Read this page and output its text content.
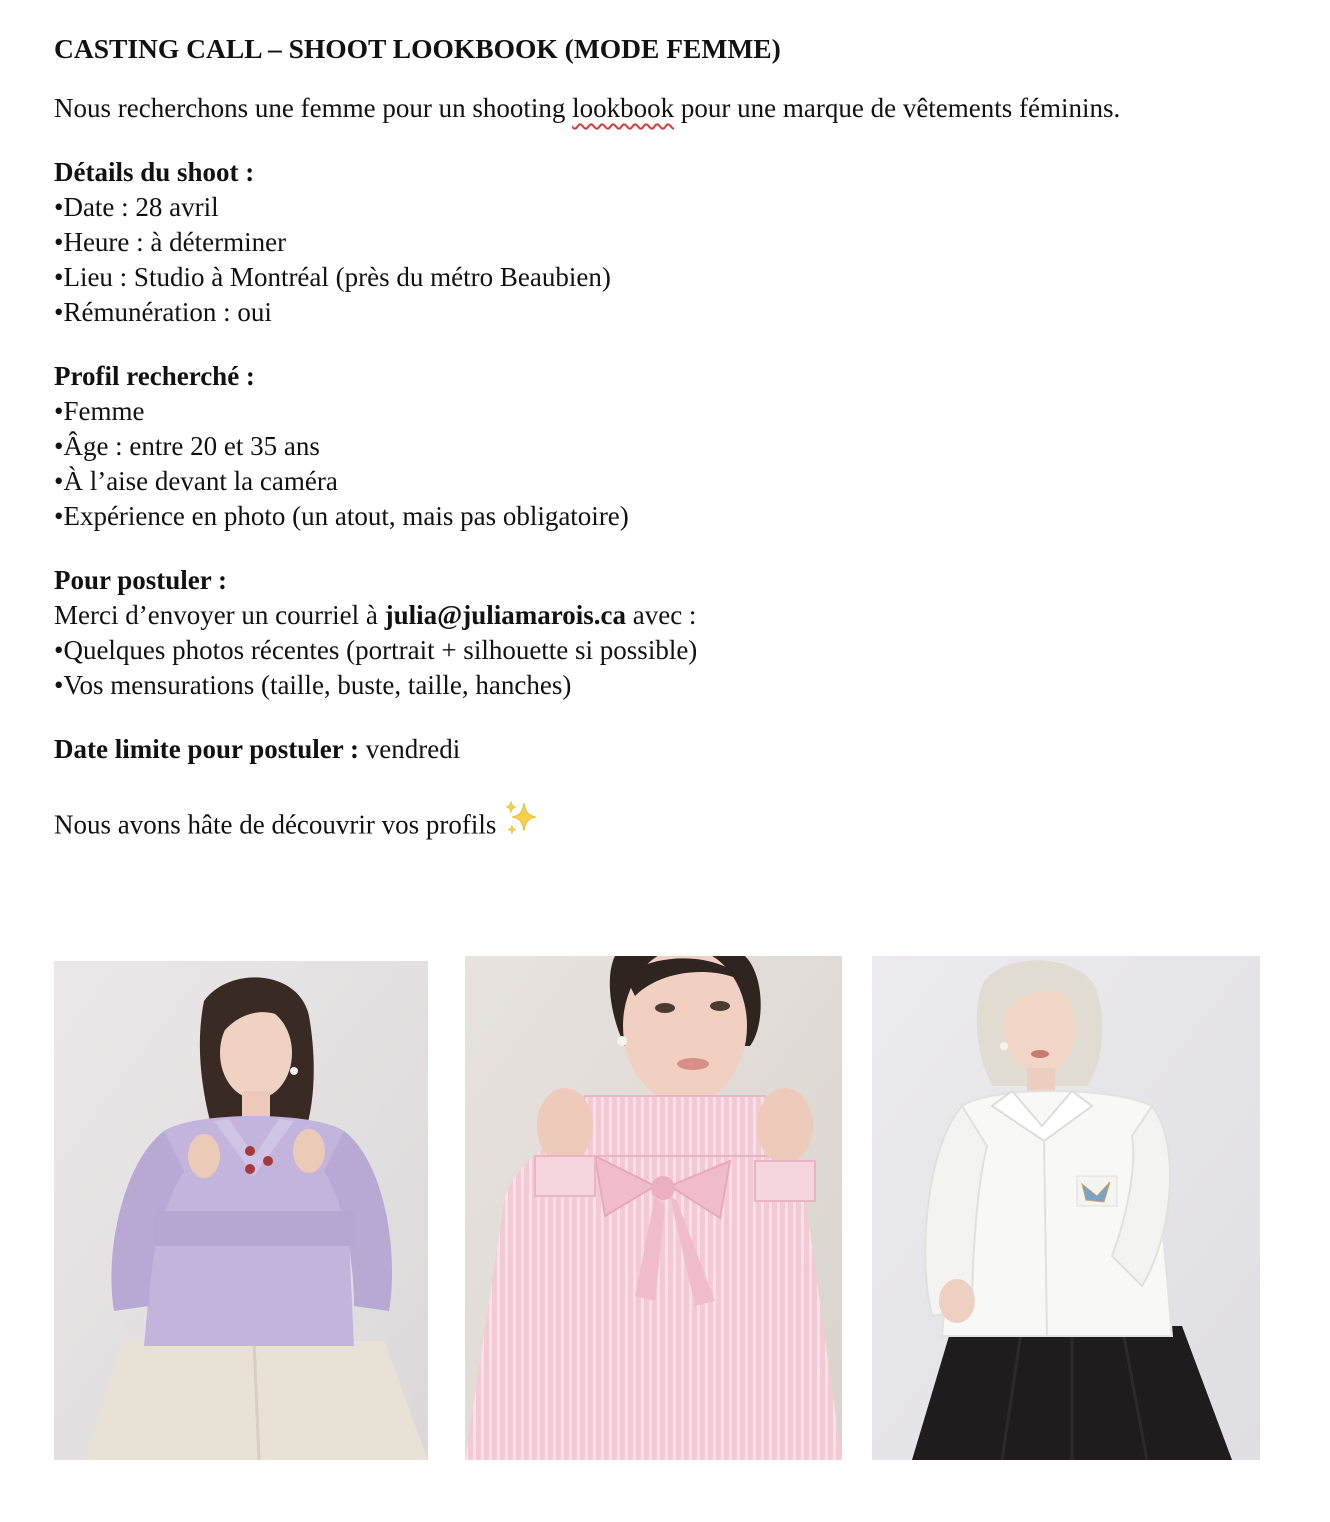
CASTING CALL – SHOOT LOOKBOOK (MODE FEMME)
Nous recherchons une femme pour un shooting lookbook pour une marque de vêtements féminins.
Détails du shoot :
•Date : 28 avril
•Heure : à déterminer
•Lieu : Studio à Montréal (près du métro Beaubien)
•Rémunération : oui
Profil recherché :
•Femme
•Âge : entre 20 et 35 ans
•À l’aise devant la caméra
•Expérience en photo (un atout, mais pas obligatoire)
Pour postuler :
Merci d’envoyer un courriel à julia@juliamarois.ca avec :
•Quelques photos récentes (portrait + silhouette si possible)
•Vos mensurations (taille, buste, taille, hanches)
Date limite pour postuler : vendredi
Nous avons hâte de découvrir vos profils
